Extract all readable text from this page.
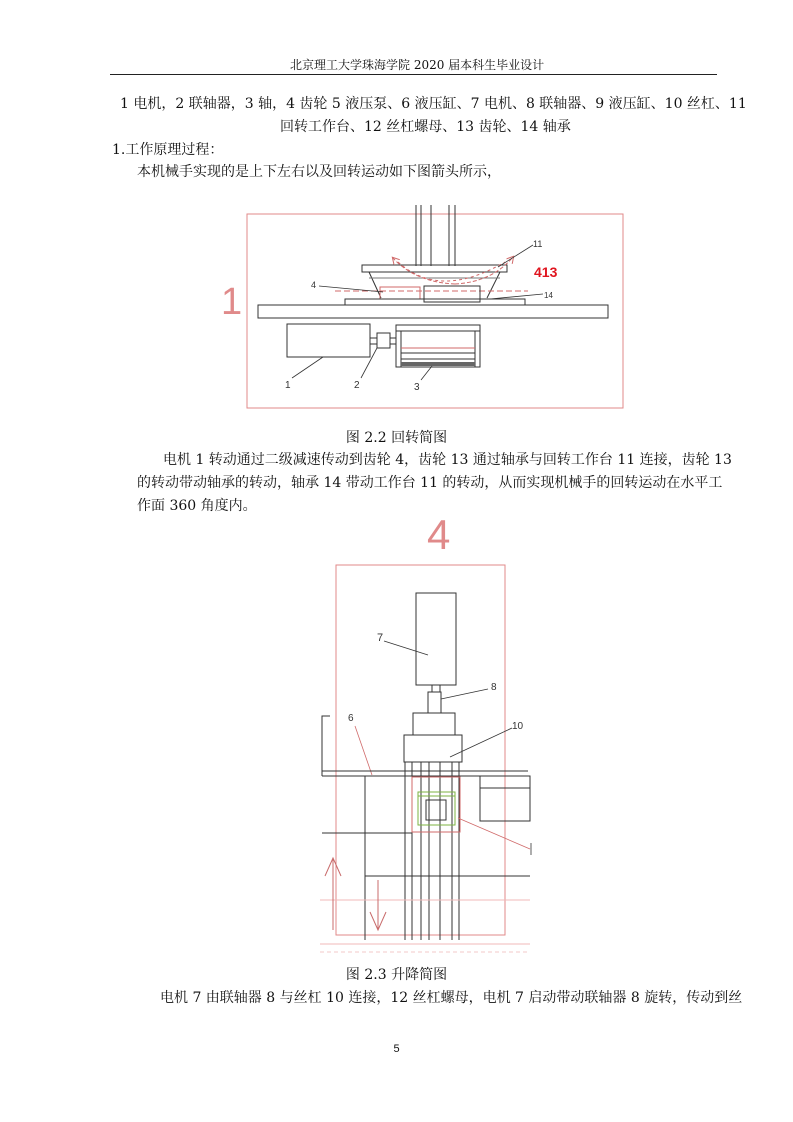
北京理工大学珠海学院 2020 届本科生毕业设计
1 电机，2 联轴器，3 轴，4 齿轮 5 液压泵、6 液压缸、7 电机、8 联轴器、9 液压缸、10 丝杠、11
回转工作台、12 丝杠螺母、13 齿轮、14 轴承
1.工作原理过程：
本机械手实现的是上下左右以及回转运动如下图箭头所示，
图 2.2 回转简图
电机 1 转动通过二级减速传动到齿轮 4，齿轮 13 通过轴承与回转工作台 11 连接，齿轮 13
的转动带动轴承的转动，轴承 14 带动工作台 11 的转动，从而实现机械手的回转运动在水平工
作面 360 角度内。
图 2.3 升降简图
电机 7 由联轴器 8 与丝杠 10 连接，12 丝杠螺母，电机 7 启动带动联轴器 8 旋转，传动到丝
5
1	4
11
413
14
1	2	3
4
7
8
10
6
